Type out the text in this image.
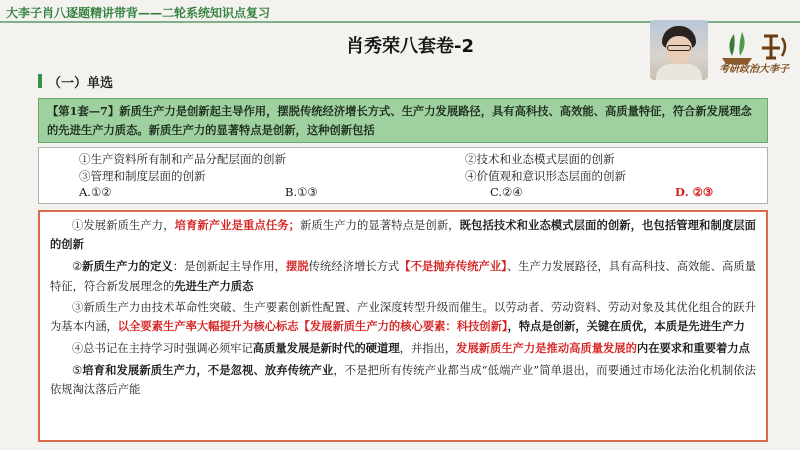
大李子肖八逐题精讲带背——二轮系统知识点复习
肖秀荣八套卷-2
考研政治大李子
（一）单选
【第1套—7】新质生产力是创新起主导作用，摆脱传统经济增长方式、生产力发展路径，具有高科技、高效能、高质量特征，符合新发展理念的先进生产力质态。新质生产力的显著特点是创新，这种创新包括
①生产资料所有制和产品分配层面的创新	②技术和业态模式层面的创新
③管理和制度层面的创新	④价值观和意识形态层面的创新
A.①②	B.①③	C.②④	D. ②③

①发展新质生产力，培育新产业是重点任务；新质生产力的显著特点是创新，既包括技术和业态模式层面的创新，也包括管理和制度层面的创新

②新质生产力的定义：是创新起主导作用，摆脱传统经济增长方式【不是抛弃传统产业】、生产力发展路径，具有高科技、高效能、高质量特征，符合新发展理念的先进生产力质态

③新质生产力由技术革命性突破、生产要素创新性配置、产业深度转型升级而催生。以劳动者、劳动资料、劳动对象及其优化组合的跃升为基本内涵，以全要素生产率大幅提升为核心标志【发展新质生产力的核心要素：科技创新】，特点是创新，关键在质优，本质是先进生产力

④总书记在主持学习时强调必须牢记高质量发展是新时代的硬道理，并指出，发展新质生产力是推动高质量发展的内在要求和重要着力点

⑤培育和发展新质生产力，不是忽视、放弃传统产业，不是把所有传统产业都当成“低端产业”简单退出，而要通过市场化法治化机制依法依规淘汰落后产能
